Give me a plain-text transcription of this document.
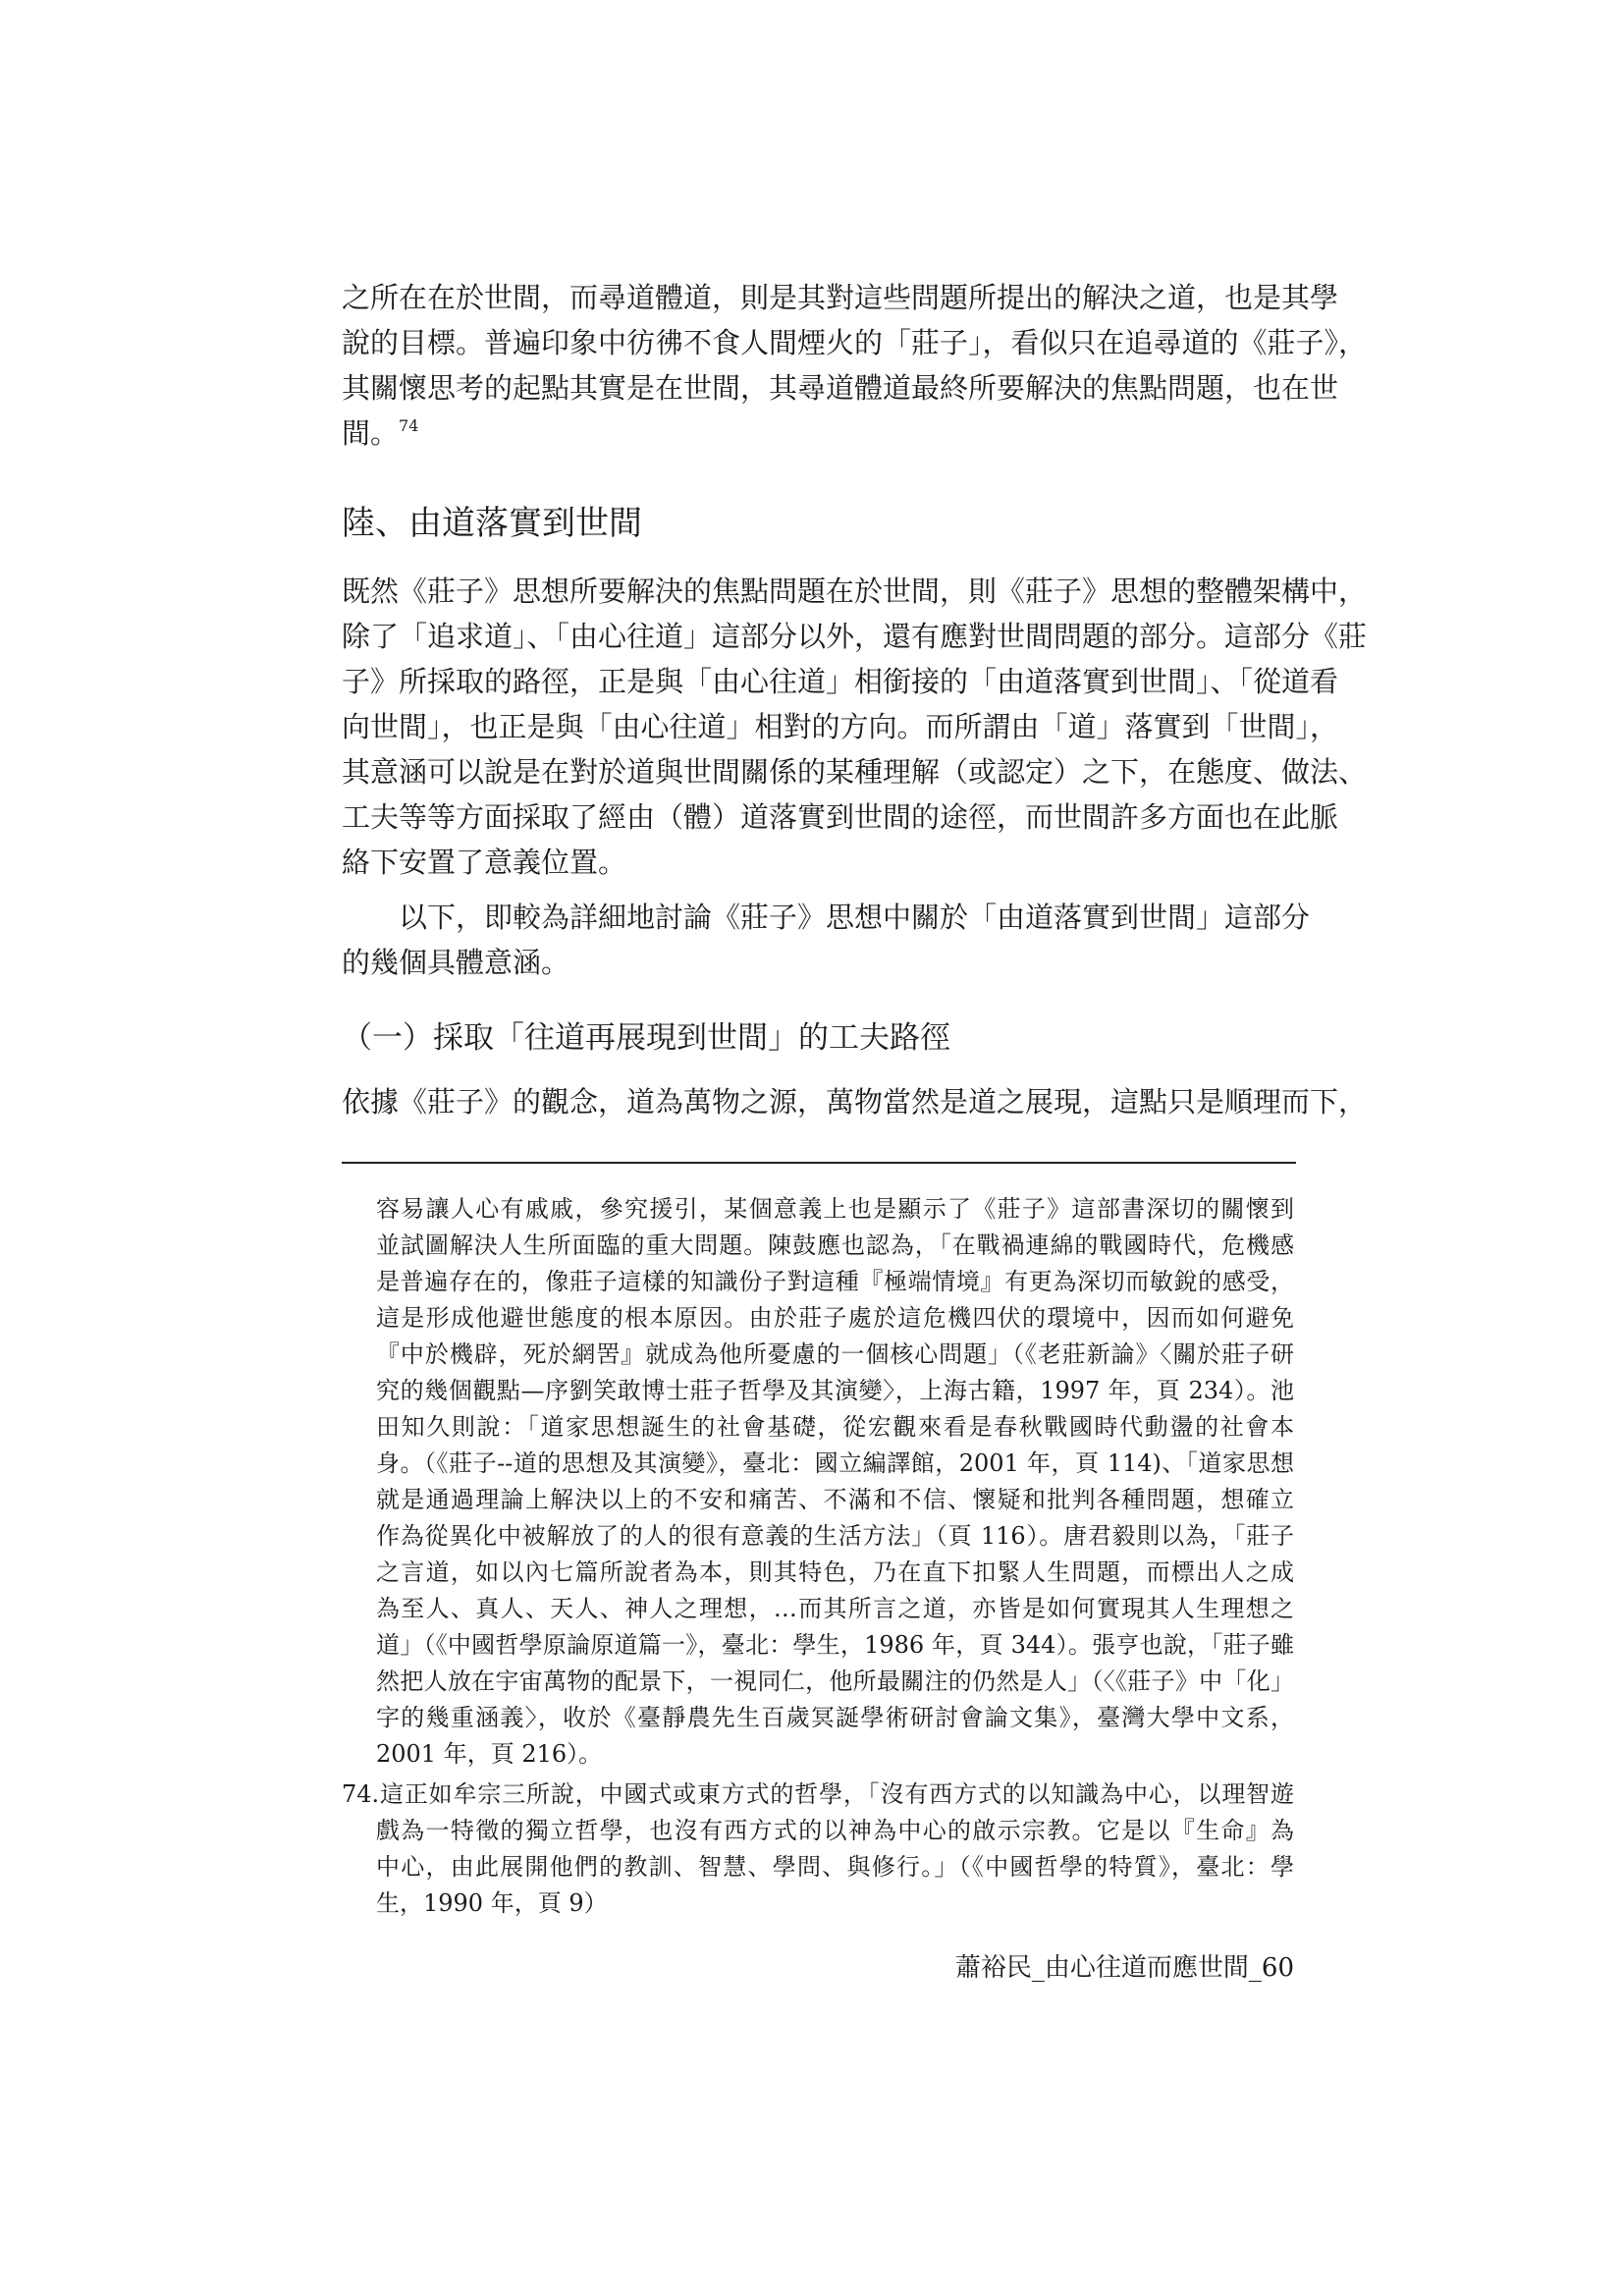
之所在在於世間，而尋道體道，則是其對這些問題所提出的解決之道，也是其學

說的目標。普遍印象中彷彿不食人間煙火的「莊子」，看似只在追尋道的《莊子》，

其關懷思考的起點其實是在世間，其尋道體道最終所要解決的焦點問題，也在世

間。$^{74}$

陸、由道落實到世間

既然《莊子》思想所要解決的焦點問題在於世間，則《莊子》思想的整體架構中，

除了「追求道」、「由心往道」這部分以外，還有應對世間問題的部分。這部分《莊

子》所採取的路徑，正是與「由心往道」相銜接的「由道落實到世間」、「從道看

向世間」，也正是與「由心往道」相對的方向。而所謂由「道」落實到「世間」，

其意涵可以說是在對於道與世間關係的某種理解（或認定）之下，在態度、做法、

工夫等等方面採取了經由（體）道落實到世間的途徑，而世間許多方面也在此脈

絡下安置了意義位置。

以下，即較為詳細地討論《莊子》思想中關於「由道落實到世間」這部分

的幾個具體意涵。

（一）採取「往道再展現到世間」的工夫路徑

依據《莊子》的觀念，道為萬物之源，萬物當然是道之展現，這點只是順理而下，

容易讓人心有戚戚，參究援引，某個意義上也是顯示了《莊子》這部書深切的關懷到

並試圖解決人生所面臨的重大問題。陳鼓應也認為，「在戰禍連綿的戰國時代，危機感

是普遍存在的，像莊子這樣的知識份子對這種『極端情境』有更為深切而敏銳的感受，

這是形成他避世態度的根本原因。由於莊子處於這危機四伏的環境中，因而如何避免

『中於機辟，死於網罟』就成為他所憂慮的一個核心問題」（《老莊新論》〈關於莊子研

究的幾個觀點—序劉笑敢博士莊子哲學及其演變〉，上海古籍，1997 年，頁 234）。池

田知久則說：「道家思想誕生的社會基礎，從宏觀來看是春秋戰國時代動盪的社會本

身。（《莊子--道的思想及其演變》，臺北：國立編譯館，2001 年，頁 114)、「道家思想

就是通過理論上解決以上的不安和痛苦、不滿和不信、懷疑和批判各種問題，想確立

作為從異化中被解放了的人的很有意義的生活方法」（頁 116）。唐君毅則以為，「莊子

之言道，如以內七篇所說者為本，則其特色，乃在直下扣緊人生問題，而標出人之成

為至人、真人、天人、神人之理想，…而其所言之道，亦皆是如何實現其人生理想之

道」（《中國哲學原論原道篇一》，臺北：學生，1986 年，頁 344）。張亨也說，「莊子雖

然把人放在宇宙萬物的配景下，一視同仁，他所最關注的仍然是人」（〈《莊子》中「化」

字的幾重涵義〉，收於《臺靜農先生百歲冥誕學術研討會論文集》，臺灣大學中文系，

2001 年，頁 216）。

74.這正如牟宗三所說，中國式或東方式的哲學，「沒有西方式的以知識為中心，以理智遊

戲為一特徵的獨立哲學，也沒有西方式的以神為中心的啟示宗教。它是以『生命』為

中心，由此展開他們的教訓、智慧、學問、與修行。」（《中國哲學的特質》，臺北：學

生，1990 年，頁 9）

蕭裕民_由心往道而應世間_60
